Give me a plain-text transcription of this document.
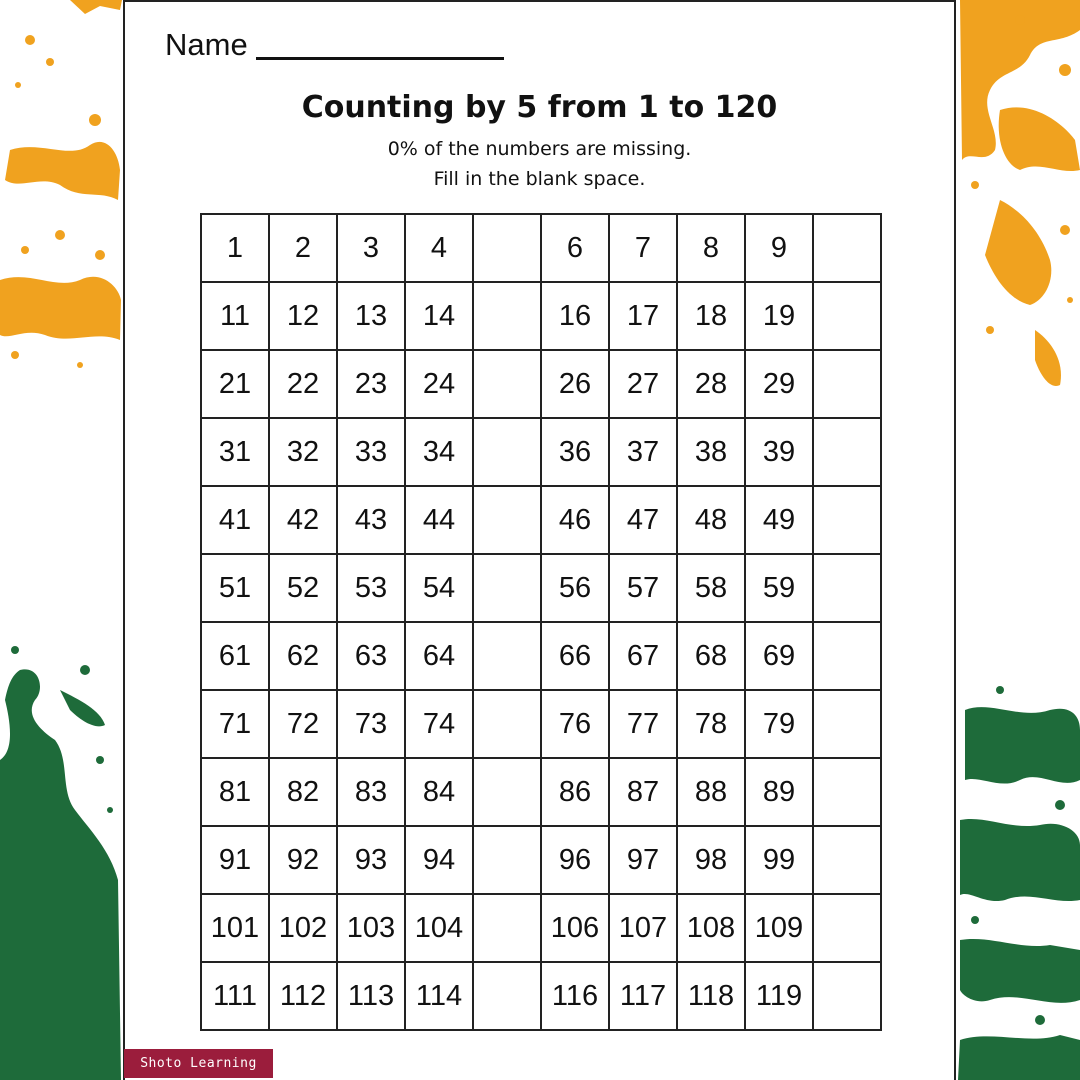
Name
Counting by 5 from 1 to 120
0% of the numbers are missing.
Fill in the blank space.
1	2	3	4		6	7	8	9	
11	12	13	14		16	17	18	19	
21	22	23	24		26	27	28	29	
31	32	33	34		36	37	38	39	
41	42	43	44		46	47	48	49	
51	52	53	54		56	57	58	59	
61	62	63	64		66	67	68	69	
71	72	73	74		76	77	78	79	
81	82	83	84		86	87	88	89	
91	92	93	94		96	97	98	99	
101	102	103	104		106	107	108	109	
111	112	113	114		116	117	118	119	
Shoto Learning
